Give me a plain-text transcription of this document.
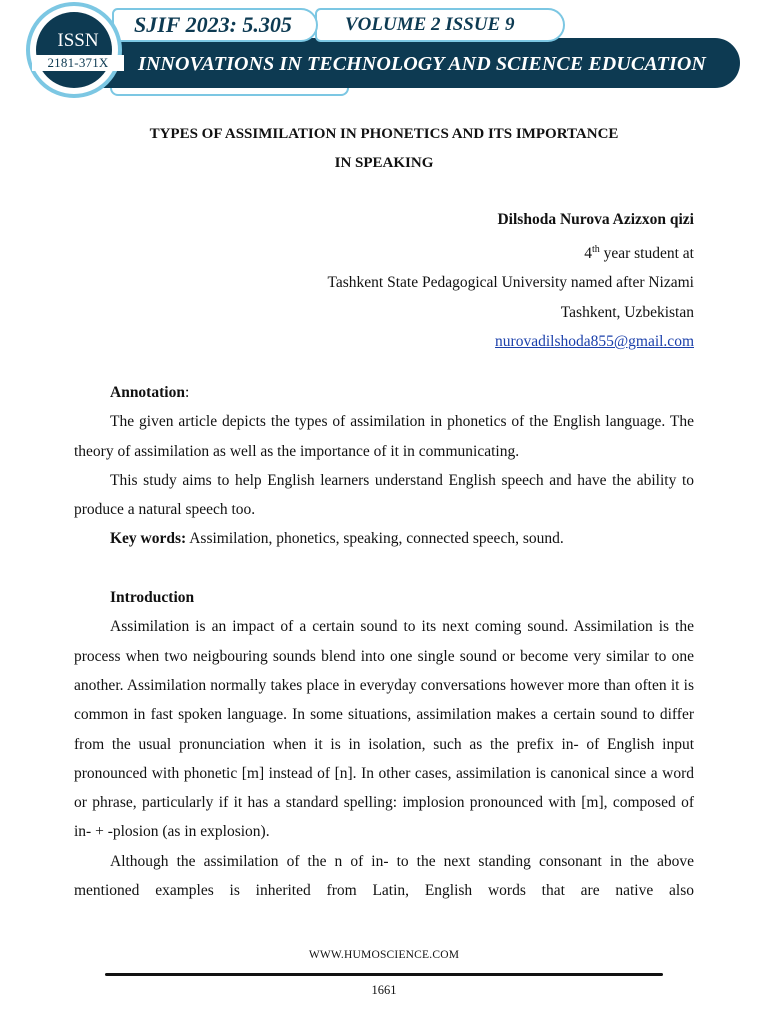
INNOVATIONS IN TECHNOLOGY AND SCIENCE EDUCATION
VOLUME 2 ISSUE 9
SJIF 2023: 5.305
ISSN
2181-371X
TYPES OF ASSIMILATION IN PHONETICS AND ITS IMPORTANCE
IN SPEAKING
Dilshoda Nurova Azizxon qizi
4th year student at
Tashkent State Pedagogical University named after Nizami
Tashkent, Uzbekistan
nurovadilshoda855@gmail.com

Annotation:

The given article depicts the types of assimilation in phonetics of the English language. The theory of assimilation as well as the importance of it in communicating.

This study aims to help English learners understand English speech and have the ability to produce a natural speech too.

Key words: Assimilation, phonetics, speaking, connected speech, sound.

Introduction

Assimilation is an impact of a certain sound to its next coming sound. Assimilation is the process when two neigbouring sounds blend into one single sound or become very similar to one another. Assimilation normally takes place in everyday conversations however more than often it is common in fast spoken language. In some situations, assimilation makes a certain sound to differ from the usual pronunciation when it is in isolation, such as the prefix in- of English input pronounced with phonetic [m] instead of [n]. In other cases, assimilation is canonical since a word or phrase, particularly if it has a standard spelling: implosion pronounced with [m], composed of in- + -plosion (as in explosion).

Although the assimilation of the n of in- to the next standing consonant in the above mentioned examples is inherited from Latin, English words that are native also

WWW.HUMOSCIENCE.COM
1661
